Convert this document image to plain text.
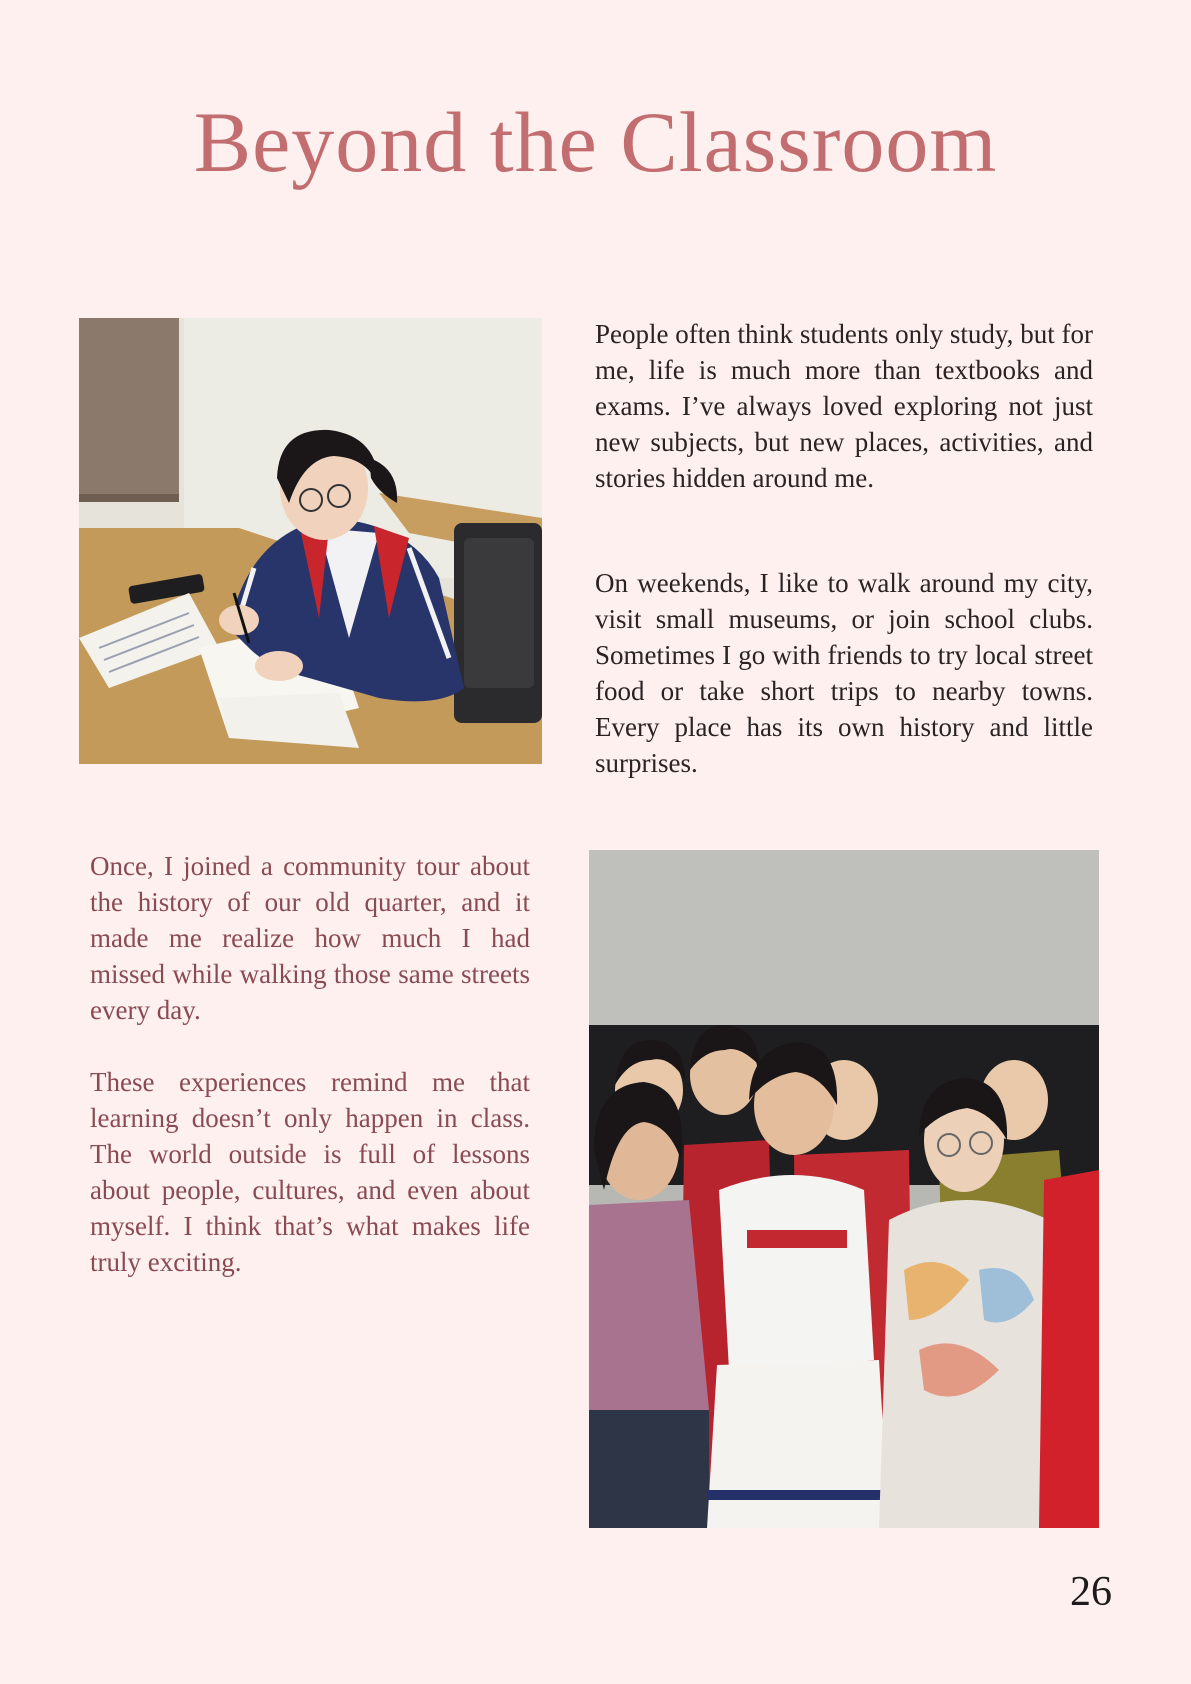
Beyond the Classroom

People often think students only study, but for me, life is much more than textbooks and exams. I’ve always loved exploring not just new subjects, but new places, activities, and stories hidden around me.

On weekends, I like to walk around my city, visit small museums, or join school clubs. Sometimes I go with friends to try local street food or take short trips to nearby towns. Every place has its own history and little surprises.

Once, I joined a community tour about the history of our old quarter, and it made me realize how much I had missed while walking those same streets every day.

These experiences remind me that learning doesn’t only happen in class. The world outside is full of lessons about people, cultures, and even about myself. I think that’s what makes life truly exciting.

26
